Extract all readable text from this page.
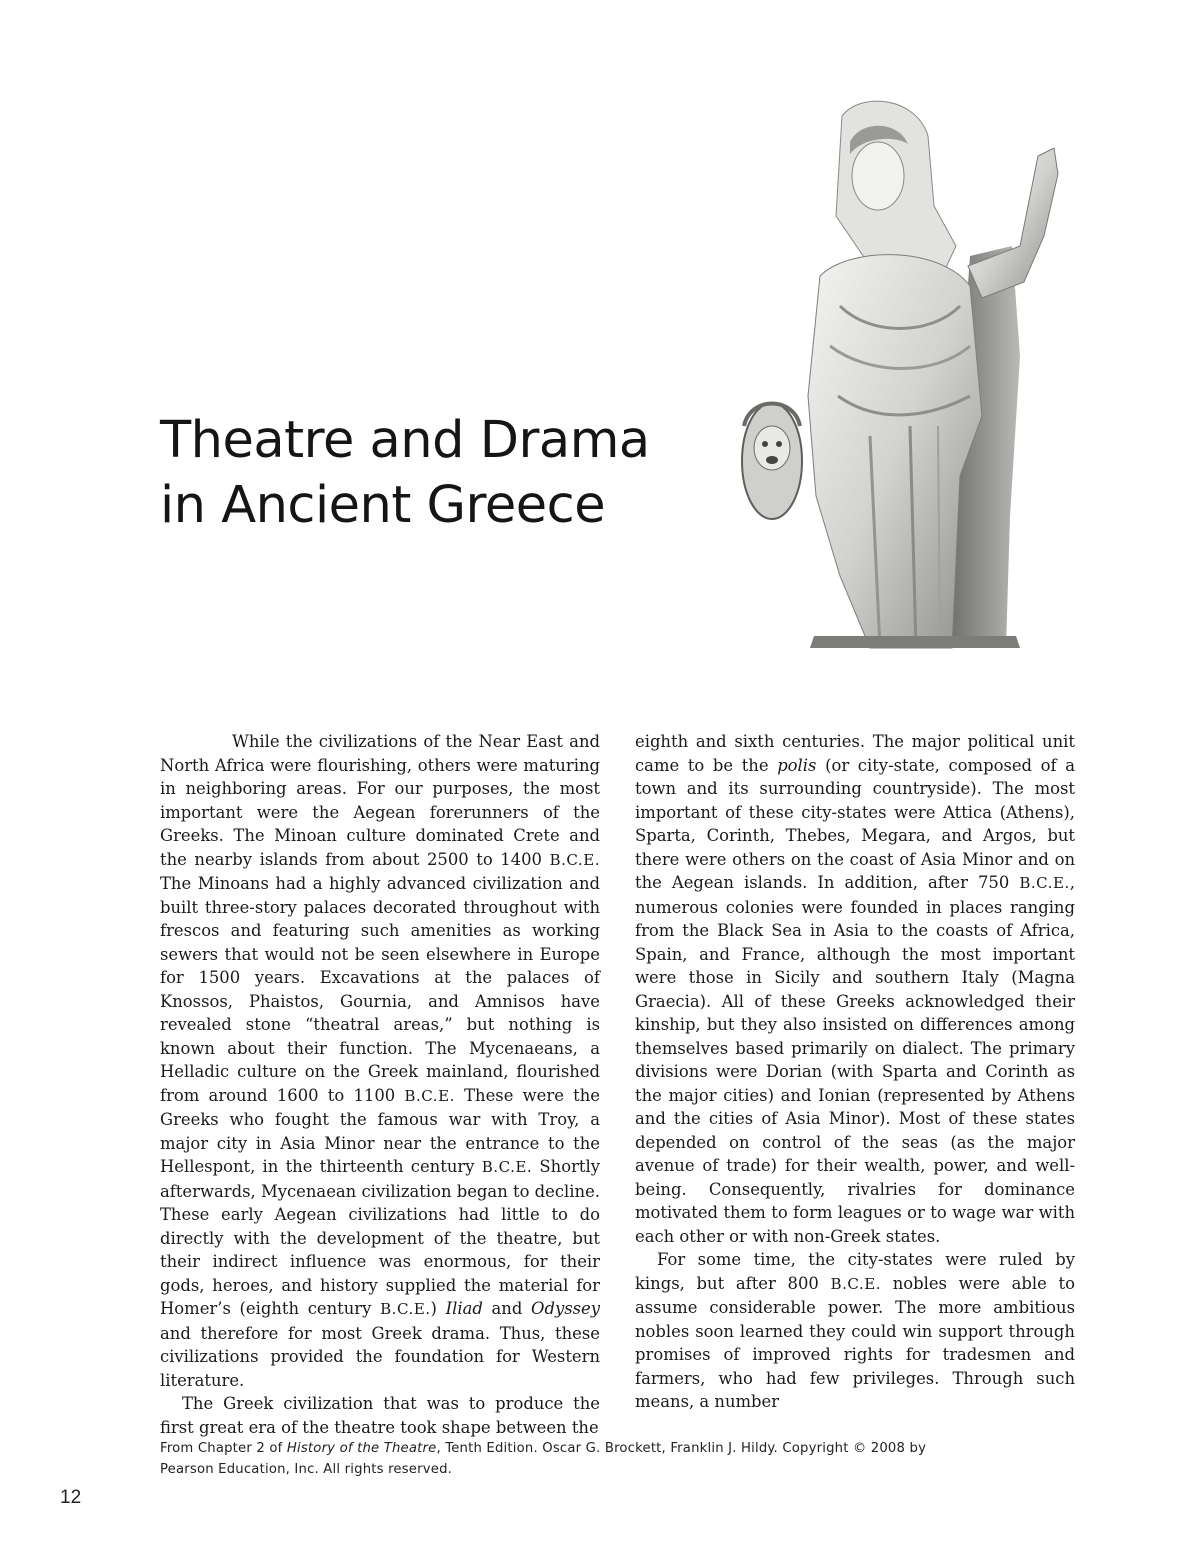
Theatre and Drama
in Ancient Greece

While the civilizations of the Near East and North Africa were flourishing, others were maturing in neighboring areas. For our purposes, the most important were the Aegean forerunners of the Greeks. The Minoan culture dominated Crete and the nearby islands from about 2500 to 1400 B.C.E. The Minoans had a highly advanced civilization and built three-story palaces decorated throughout with frescos and featuring such amenities as working sewers that would not be seen elsewhere in Europe for 1500 years. Excavations at the palaces of Knossos, Phaistos, Gournia, and Amnisos have revealed stone “theatral areas,” but nothing is known about their function. The Mycenaeans, a Helladic culture on the Greek mainland, flourished from around 1600 to 1100 B.C.E. These were the Greeks who fought the famous war with Troy, a major city in Asia Minor near the entrance to the Hellespont, in the thirteenth century B.C.E. Shortly afterwards, Mycenaean civilization began to decline. These early Aegean civilizations had little to do directly with the development of the theatre, but their indirect influence was enormous, for their gods, heroes, and history supplied the material for Homer’s (eighth century B.C.E.) Iliad and Odyssey and therefore for most Greek drama. Thus, these civilizations provided the foundation for Western literature.

The Greek civilization that was to produce the first great era of the theatre took shape between the

eighth and sixth centuries. The major political unit came to be the polis (or city-state, composed of a town and its surrounding countryside). The most important of these city-states were Attica (Athens), Sparta, Corinth, Thebes, Megara, and Argos, but there were others on the coast of Asia Minor and on the Aegean islands. In addition, after 750 B.C.E., numerous colonies were founded in places ranging from the Black Sea in Asia to the coasts of Africa, Spain, and France, although the most important were those in Sicily and southern Italy (Magna Graecia). All of these Greeks acknowledged their kinship, but they also insisted on differences among themselves based primarily on dialect. The primary divisions were Dorian (with Sparta and Corinth as the major cities) and Ionian (represented by Athens and the cities of Asia Minor). Most of these states depended on control of the seas (as the major avenue of trade) for their wealth, power, and well-being. Consequently, rivalries for dominance motivated them to form leagues or to wage war with each other or with non-Greek states.

For some time, the city-states were ruled by kings, but after 800 B.C.E. nobles were able to assume considerable power. The more ambitious nobles soon learned they could win support through promises of improved rights for tradesmen and farmers, who had few privileges. Through such means, a number

From Chapter 2 of History of the Theatre, Tenth Edition. Oscar G. Brockett, Franklin J. Hildy. Copyright © 2008 by
Pearson Education, Inc. All rights reserved.
12
